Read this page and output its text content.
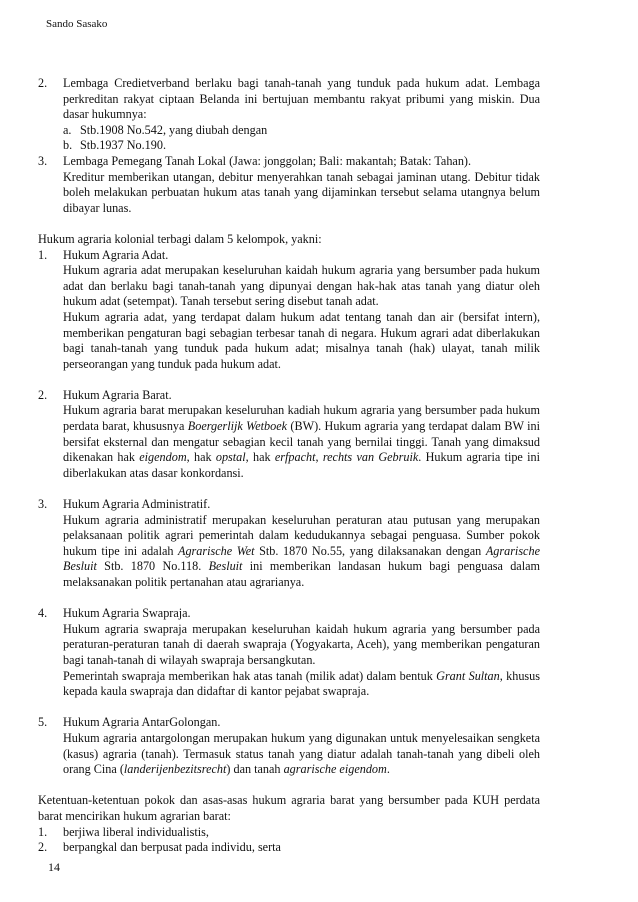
Sando Sasako
2. Lembaga Credietverband berlaku bagi tanah-tanah yang tunduk pada hukum adat. Lembaga perkreditan rakyat ciptaan Belanda ini bertujuan membantu rakyat pribumi yang miskin. Dua dasar hukumnya:

a. Stb.1908 No.542, yang diubah dengan
b. Stb.1937 No.190.
3. Lembaga Pemegang Tanah Lokal (Jawa: jonggolan; Bali: makantah; Batak: Tahan).

Kreditur memberikan utangan, debitur menyerahkan tanah sebagai jaminan utang. Debitur tidak boleh melakukan perbuatan hukum atas tanah yang dijaminkan tersebut selama utangnya belum dibayar lunas.

Hukum agraria kolonial terbagi dalam 5 kelompok, yakni:

1. Hukum Agraria Adat.

Hukum agraria adat merupakan keseluruhan kaidah hukum agraria yang bersumber pada hukum adat dan berlaku bagi tanah-tanah yang dipunyai dengan hak-hak atas tanah yang diatur oleh hukum adat (setempat). Tanah tersebut sering disebut tanah adat.

Hukum agraria adat, yang terdapat dalam hukum adat tentang tanah dan air (bersifat intern), memberikan pengaturan bagi sebagian terbesar tanah di negara. Hukum agrari adat diberlakukan bagi tanah-tanah yang tunduk pada hukum adat; misalnya tanah (hak) ulayat, tanah milik perseorangan yang tunduk pada hukum adat.

2. Hukum Agraria Barat.

Hukum agraria barat merupakan keseluruhan kadiah hukum agraria yang bersumber pada hukum perdata barat, khususnya Boergerlijk Wetboek (BW). Hukum agraria yang terdapat dalam BW ini bersifat eksternal dan mengatur sebagian kecil tanah yang bernilai tinggi. Tanah yang dimaksud dikenakan hak eigendom, hak opstal, hak erfpacht, rechts van Gebruik. Hukum agraria tipe ini diberlakukan atas dasar konkordansi.

3. Hukum Agraria Administratif.

Hukum agraria administratif merupakan keseluruhan peraturan atau putusan yang merupakan pelaksanaan politik agrari pemerintah dalam kedudukannya sebagai penguasa. Sumber pokok hukum tipe ini adalah Agrarische Wet Stb. 1870 No.55, yang dilaksanakan dengan Agrarische Besluit Stb. 1870 No.118. Besluit ini memberikan landasan hukum bagi penguasa dalam melaksanakan politik pertanahan atau agrarianya.

4. Hukum Agraria Swapraja.

Hukum agraria swapraja merupakan keseluruhan kaidah hukum agraria yang bersumber pada peraturan-peraturan tanah di daerah swapraja (Yogyakarta, Aceh), yang memberikan pengaturan bagi tanah-tanah di wilayah swapraja bersangkutan.

Pemerintah swapraja memberikan hak atas tanah (milik adat) dalam bentuk Grant Sultan, khusus kepada kaula swapraja dan didaftar di kantor pejabat swapraja.

5. Hukum Agraria AntarGolongan.

Hukum agraria antargolongan merupakan hukum yang digunakan untuk menyelesaikan sengketa (kasus) agraria (tanah). Termasuk status tanah yang diatur adalah tanah-tanah yang dibeli oleh orang Cina (landerijenbezitsrecht) dan tanah agrarische eigendom.

Ketentuan-ketentuan pokok dan asas-asas hukum agraria barat yang bersumber pada KUH perdata barat mencirikan hukum agrarian barat:

1. berjiwa liberal individualistis,

2. berpangkal dan berpusat pada individu, serta

14
